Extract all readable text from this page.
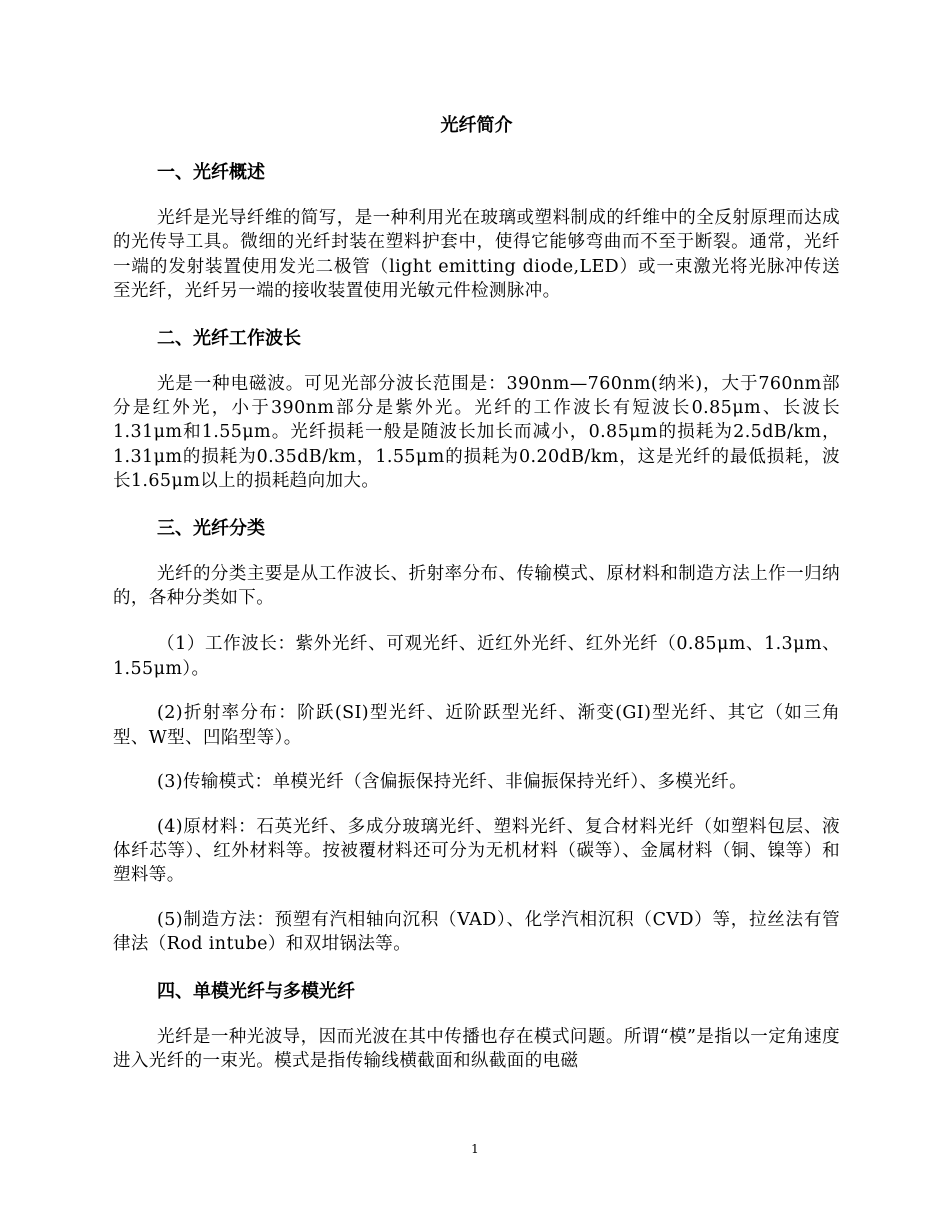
光纤简介
一、光纤概述

光纤是光导纤维的简写，是一种利用光在玻璃或塑料制成的纤维中的全反射原理而达成的光传导工具。微细的光纤封装在塑料护套中，使得它能够弯曲而不至于断裂。通常，光纤一端的发射装置使用发光二极管（light emitting diode,LED）或一束激光将光脉冲传送至光纤，光纤另一端的接收装置使用光敏元件检测脉冲。

二、光纤工作波长

光是一种电磁波。可见光部分波长范围是：390nm—760nm(纳米)，大于760nm部分是红外光，小于390nm部分是紫外光。光纤的工作波长有短波长0.85μm、长波长1.31μm和1.55μm。光纤损耗一般是随波长加长而减小，0.85μm的损耗为2.5dB/km，1.31μm的损耗为0.35dB/km，1.55μm的损耗为0.20dB/km，这是光纤的最低损耗，波长1.65μm以上的损耗趋向加大。

三、光纤分类

光纤的分类主要是从工作波长、折射率分布、传输模式、原材料和制造方法上作一归纳的，各种分类如下。

（1）工作波长：紫外光纤、可观光纤、近红外光纤、红外光纤（0.85μm、1.3μm、1.55μm）。

(2)折射率分布：阶跃(SI)型光纤、近阶跃型光纤、渐变(GI)型光纤、其它（如三角型、W型、凹陷型等）。

(3)传输模式：单模光纤（含偏振保持光纤、非偏振保持光纤）、多模光纤。

(4)原材料：石英光纤、多成分玻璃光纤、塑料光纤、复合材料光纤（如塑料包层、液体纤芯等）、红外材料等。按被覆材料还可分为无机材料（碳等）、金属材料（铜、镍等）和塑料等。

(5)制造方法：预塑有汽相轴向沉积（VAD）、化学汽相沉积（CVD）等，拉丝法有管律法（Rod intube）和双坩锅法等。

四、单模光纤与多模光纤

光纤是一种光波导，因而光波在其中传播也存在模式问题。所谓“模”是指以一定角速度进入光纤的一束光。模式是指传输线横截面和纵截面的电磁

1
